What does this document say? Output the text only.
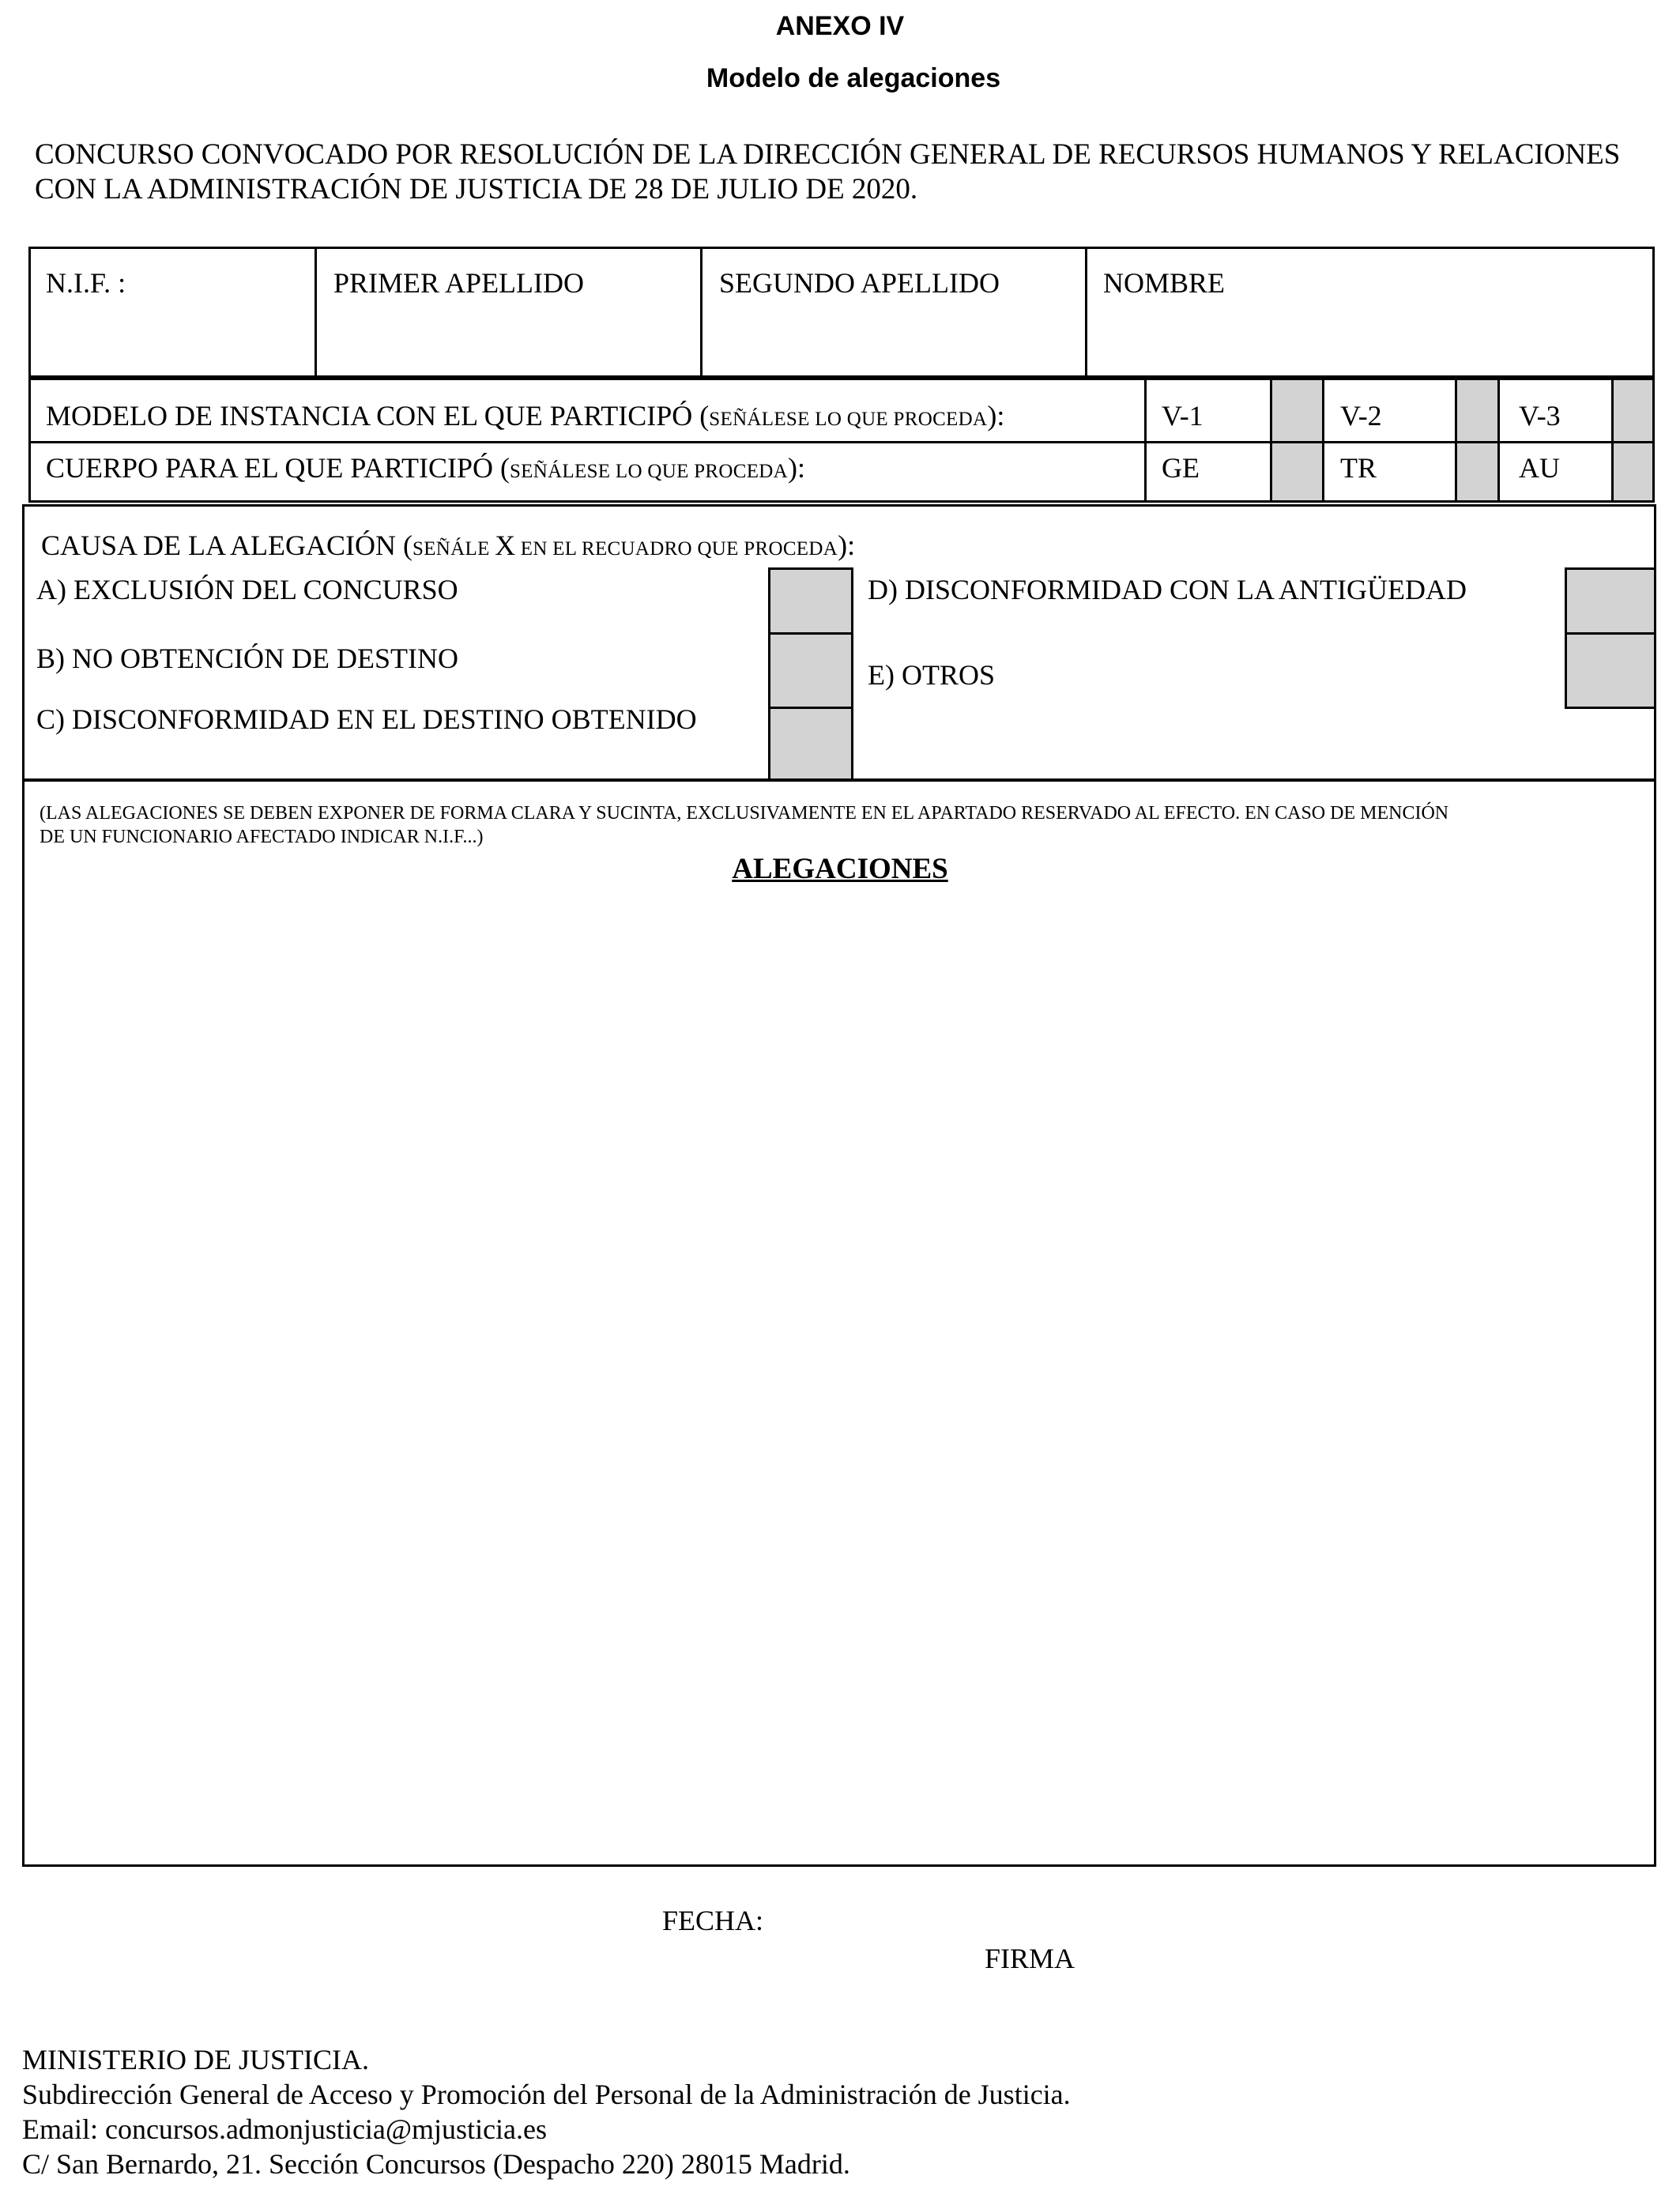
ANEXO IV
Modelo de alegaciones
CONCURSO CONVOCADO POR RESOLUCIÓN DE LA DIRECCIÓN GENERAL DE RECURSOS HUMANOS Y RELACIONES
CON LA ADMINISTRACIÓN DE JUSTICIA DE 28 DE JULIO DE 2020.
N.I.F. :	PRIMER APELLIDO	SEGUNDO APELLIDO	NOMBRE
MODELO DE INSTANCIA CON EL QUE PARTICIPÓ (SEÑÁLESE LO QUE PROCEDA):	V-1	V-2	V-3
CUERPO PARA EL QUE PARTICIPÓ (SEÑÁLESE LO QUE PROCEDA):	GE	TR	AU
CAUSA DE LA ALEGACIÓN (SEÑÁLE X EN EL RECUADRO QUE PROCEDA):
A) EXCLUSIÓN DEL CONCURSO
B) NO OBTENCIÓN DE DESTINO
C) DISCONFORMIDAD EN EL DESTINO OBTENIDO
D) DISCONFORMIDAD CON LA ANTIGÜEDAD
E) OTROS
(LAS ALEGACIONES SE DEBEN EXPONER DE FORMA CLARA Y SUCINTA, EXCLUSIVAMENTE EN EL APARTADO RESERVADO AL EFECTO. EN CASO DE MENCIÓN
DE UN FUNCIONARIO AFECTADO INDICAR N.I.F...)
ALEGACIONES
FECHA:
FIRMA
MINISTERIO DE JUSTICIA.
Subdirección General de Acceso y Promoción del Personal de la Administración de Justicia.
Email: concursos.admonjusticia@mjusticia.es
C/ San Bernardo, 21. Sección Concursos (Despacho 220) 28015 Madrid.
